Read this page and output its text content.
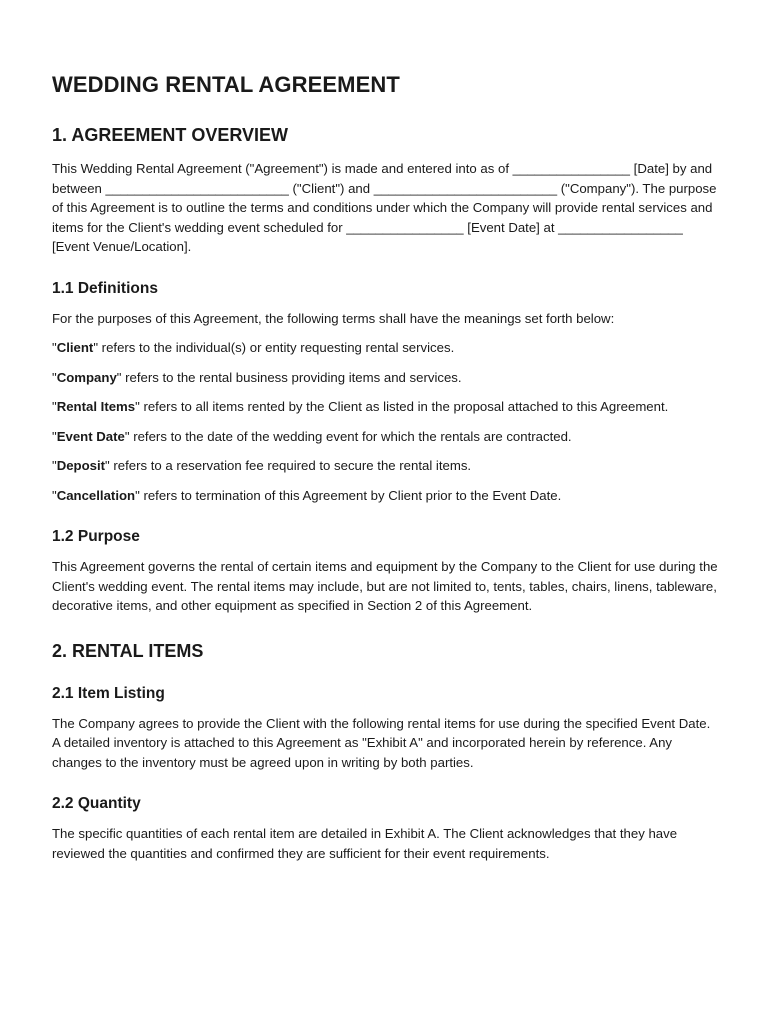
WEDDING RENTAL AGREEMENT
1. AGREEMENT OVERVIEW

This Wedding Rental Agreement ("Agreement") is made and entered into as of ________________ [Date] by and between _________________________ ("Client") and _________________________ ("Company"). The purpose of this Agreement is to outline the terms and conditions under which the Company will provide rental services and items for the Client's wedding event scheduled for ________________ [Event Date] at _________________ [Event Venue/Location].

1.1 Definitions

For the purposes of this Agreement, the following terms shall have the meanings set forth below:

"Client" refers to the individual(s) or entity requesting rental services.

"Company" refers to the rental business providing items and services.

"Rental Items" refers to all items rented by the Client as listed in the proposal attached to this Agreement.

"Event Date" refers to the date of the wedding event for which the rentals are contracted.

"Deposit" refers to a reservation fee required to secure the rental items.

"Cancellation" refers to termination of this Agreement by Client prior to the Event Date.

1.2 Purpose

This Agreement governs the rental of certain items and equipment by the Company to the Client for use during the Client's wedding event. The rental items may include, but are not limited to, tents, tables, chairs, linens, tableware, decorative items, and other equipment as specified in Section 2 of this Agreement.

2. RENTAL ITEMS
2.1 Item Listing

The Company agrees to provide the Client with the following rental items for use during the specified Event Date. A detailed inventory is attached to this Agreement as "Exhibit A" and incorporated herein by reference. Any changes to the inventory must be agreed upon in writing by both parties.

2.2 Quantity

The specific quantities of each rental item are detailed in Exhibit A. The Client acknowledges that they have reviewed the quantities and confirmed they are sufficient for their event requirements.
